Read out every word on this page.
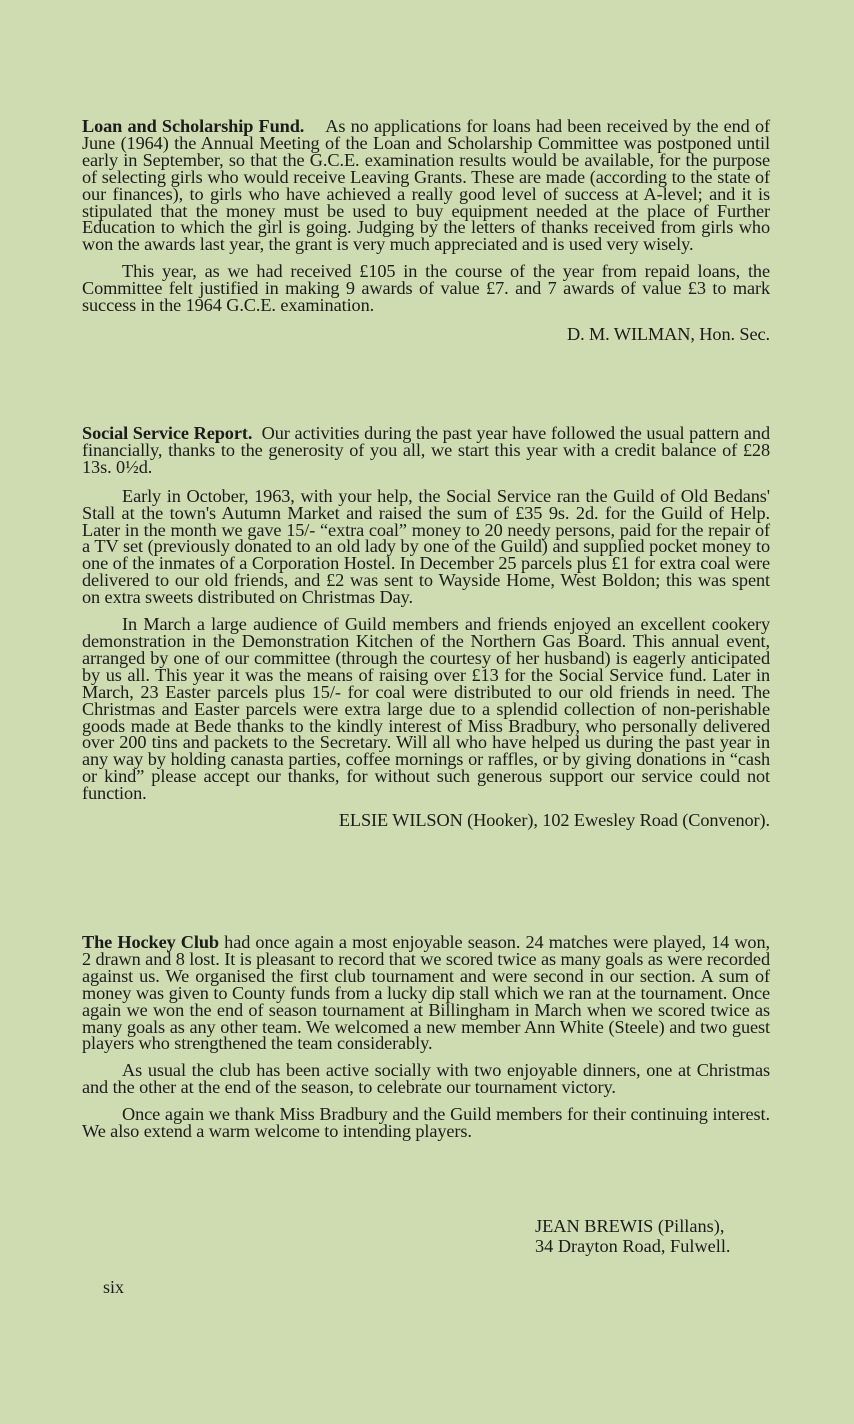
Loan and Scholarship Fund. As no applications for loans had been received by the end of June (1964) the Annual Meeting of the Loan and Scholarship Committee was postponed until early in September, so that the G.C.E. examination results would be available, for the purpose of selecting girls who would receive Leaving Grants. These are made (according to the state of our finances), to girls who have achieved a really good level of success at A-level; and it is stipulated that the money must be used to buy equipment needed at the place of Further Education to which the girl is going. Judging by the letters of thanks received from girls who won the awards last year, the grant is very much appreciated and is used very wisely.

This year, as we had received £105 in the course of the year from repaid loans, the Committee felt justified in making 9 awards of value £7. and 7 awards of value £3 to mark success in the 1964 G.C.E. examination.

D. M. WILMAN, Hon. Sec.

Social Service Report. Our activities during the past year have followed the usual pattern and financially, thanks to the generosity of you all, we start this year with a credit balance of £28 13s. 0½d.

Early in October, 1963, with your help, the Social Service ran the Guild of Old Bedans' Stall at the town's Autumn Market and raised the sum of £35 9s. 2d. for the Guild of Help. Later in the month we gave 15/- “extra coal” money to 20 needy persons, paid for the repair of a TV set (previously donated to an old lady by one of the Guild) and supplied pocket money to one of the inmates of a Corporation Hostel. In December 25 parcels plus £1 for extra coal were delivered to our old friends, and £2 was sent to Wayside Home, West Boldon; this was spent on extra sweets distributed on Christmas Day.

In March a large audience of Guild members and friends enjoyed an excellent cookery demonstration in the Demonstration Kitchen of the Northern Gas Board. This annual event, arranged by one of our committee (through the courtesy of her husband) is eagerly anticipated by us all. This year it was the means of raising over £13 for the Social Service fund. Later in March, 23 Easter parcels plus 15/- for coal were distributed to our old friends in need. The Christmas and Easter parcels were extra large due to a splendid collection of non-perishable goods made at Bede thanks to the kindly interest of Miss Bradbury, who personally delivered over 200 tins and packets to the Secretary. Will all who have helped us during the past year in any way by holding canasta parties, coffee mornings or raffles, or by giving donations in “cash or kind” please accept our thanks, for without such generous support our service could not function.

ELSIE WILSON (Hooker), 102 Ewesley Road (Convenor).

The Hockey Club had once again a most enjoyable season. 24 matches were played, 14 won, 2 drawn and 8 lost. It is pleasant to record that we scored twice as many goals as were recorded against us. We organised the first club tournament and were second in our section. A sum of money was given to County funds from a lucky dip stall which we ran at the tournament. Once again we won the end of season tournament at Billingham in March when we scored twice as many goals as any other team. We welcomed a new member Ann White (Steele) and two guest players who strengthened the team considerably.

As usual the club has been active socially with two enjoyable dinners, one at Christmas and the other at the end of the season, to celebrate our tournament victory.

Once again we thank Miss Bradbury and the Guild members for their continuing interest. We also extend a warm welcome to intending players.

JEAN BREWIS (Pillans),
34 Drayton Road, Fulwell.
six
